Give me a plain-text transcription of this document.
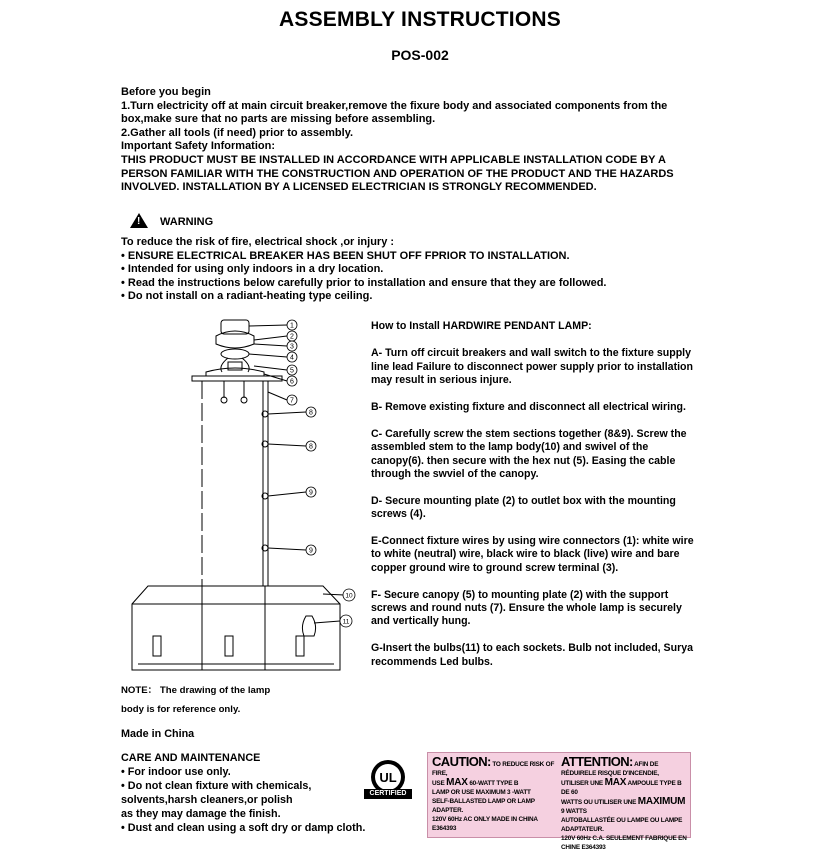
ASSEMBLY INSTRUCTIONS
POS-002
Before you begin
1.Turn electricity off at main circuit breaker,remove the fixure body and associated components from the
box,make sure that no parts are missing before assembling.
2.Gather all tools (if need) prior to assembly.
Important Safety Information:
THIS PRODUCT MUST BE INSTALLED IN ACCORDANCE WITH APPLICABLE INSTALLATION CODE BY A
PERSON FAMILIAR WITH THE CONSTRUCTION AND OPERATION OF THE PRODUCT AND THE HAZARDS
INVOLVED. INSTALLATION BY A LICENSED ELECTRICIAN IS STRONGLY RECOMMENDED.
! WARNING
To reduce the risk of fire, electrical shock ,or injury :
• ENSURE ELECTRICAL BREAKER HAS BEEN SHUT OFF FPRIOR TO INSTALLATION.
• Intended for using only indoors in a dry location.
• Read the instructions below carefully prior to installation and ensure that they are followed.
• Do not install on a radiant-heating type ceiling.
1
2
3
4
5
6
7
8
8
9
9
10
11

How to Install HARDWIRE PENDANT LAMP:

A- Turn off circuit breakers and wall switch to the fixture supply
line lead Failure to disconnect power supply prior to installation
may result in serious injure.

B- Remove existing fixture and disconnect all electrical wiring.

C- Carefully screw the stem sections together (8&9). Screw the
assembled stem to the lamp body(10) and swivel of the
canopy(6). then secure with the hex nut (5). Easing the cable
through the swviel of the canopy.

D- Secure mounting plate (2) to outlet box with the mounting
screws (4).

E-Connect fixture wires by using wire connectors (1): white wire
to white (neutral) wire, black wire to black (live) wire and bare
copper ground wire to ground screw terminal (3).

F- Secure canopy (5) to mounting plate (2) with the support
screws and round nuts (7). Ensure the whole lamp is securely
and vertically hung.

G-Insert the bulbs(11) to each sockets. Bulb not included, Surya
recommends Led bulbs.

NOTE： The drawing of the lamp
body is for reference only.
Made in China
CARE AND MAINTENANCE
• For indoor use only.
• Do not clean fixture with chemicals,
solvents,harsh cleaners,or polish
as they may damage the finish.
• Dust and clean using a soft dry or damp cloth.
UL
CERTIFIED
CAUTION: TO REDUCE RISK OF FIRE,
USE MAX 60-WATT TYPE B
LAMP OR USE MAXIMUM 3 -WATT
SELF-BALLASTED LAMP OR LAMP ADAPTER.
120V 60Hz AC ONLY MADE IN CHINA E364393
ATTENTION: AFIN DE RÉDUIRELE RISQUE D'INCENDIE,
UTILISER UNE MAX AMPOULE TYPE B DE 60
WATTS OU UTILISER UNE MAXIMUM 9 WATTS
AUTOBALLASTÉE OU LAMPE OU LAMPE ADAPTATEUR.
120V 60Hz C.A. SEULEMENT FABRIQUE EN CHINE E364393
